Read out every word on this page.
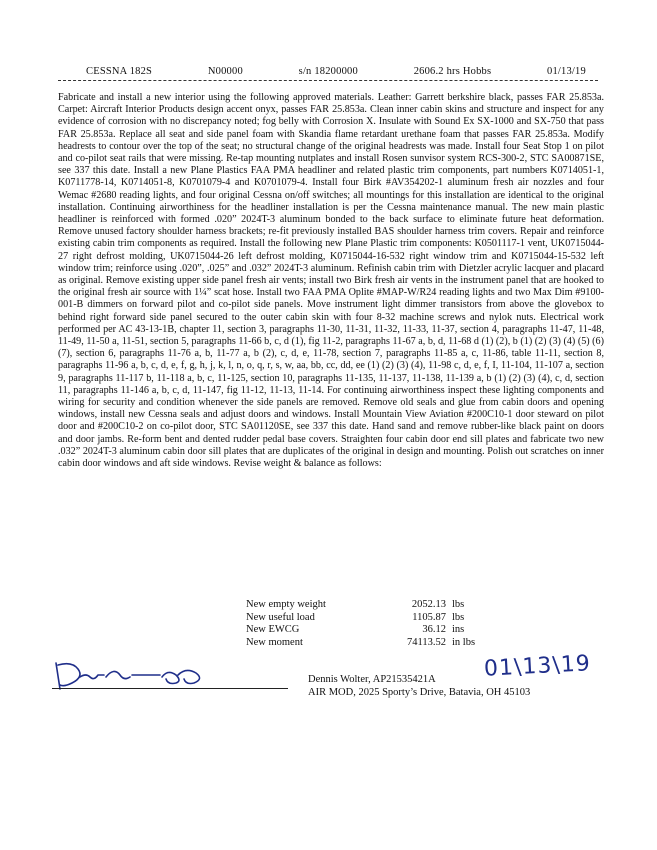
CESSNA 182S	N00000	s/n 18200000	2606.2 hrs Hobbs	01/13/19

Fabricate and install a new interior using the following approved materials. Leather: Garrett berkshire black, passes FAR 25.853a. Carpet: Aircraft Interior Products design accent onyx, passes FAR 25.853a. Clean inner cabin skins and structure and inspect for any evidence of corrosion with no discrepancy noted; fog belly with Corrosion X. Insulate with Sound Ex SX-1000 and SX-750 that pass FAR 25.853a. Replace all seat and side panel foam with Skandia flame retardant urethane foam that passes FAR 25.853a. Modify headrests to contour over the top of the seat; no structural change of the original headrests was made. Install four Seat Stop 1 on pilot and co-pilot seat rails that were missing. Re-tap mounting nutplates and install Rosen sunvisor system RCS-300-2, STC SA00871SE, see 337 this date. Install a new Plane Plastics FAA PMA headliner and related plastic trim components, part numbers K0714051-1, K0711778-14, K0714051-8, K0701079-4 and K0701079-4. Install four Birk #AV354202-1 aluminum fresh air nozzles and four Wemac #2680 reading lights, and four original Cessna on/off switches; all mountings for this installation are identical to the original installation. Continuing airworthiness for the headliner installation is per the Cessna maintenance manual. The new main plastic headliner is reinforced with formed .020” 2024T-3 aluminum bonded to the back surface to eliminate future heat deformation. Remove unused factory shoulder harness brackets; re-fit previously installed BAS shoulder harness trim covers. Repair and reinforce existing cabin trim components as required. Install the following new Plane Plastic trim components: K0501117-1 vent, UK0715044-27 right defrost molding, UK0715044-26 left defrost molding, K0715044-16-532 right window trim and K0715044-15-532 left window trim; reinforce using .020”, .025” and .032” 2024T-3 aluminum. Refinish cabin trim with Dietzler acrylic lacquer and placard as original. Remove existing upper side panel fresh air vents; install two Birk fresh air vents in the instrument panel that are hooked to the original fresh air source with 1¼” scat hose. Install two FAA PMA Oplite #MAP-W/R24 reading lights and two Max Dim #9100-001-B dimmers on forward pilot and co-pilot side panels. Move instrument light dimmer transistors from above the glovebox to behind right forward side panel secured to the outer cabin skin with four 8-32 machine screws and nylok nuts. Electrical work performed per AC 43-13-1B, chapter 11, section 3, paragraphs 11-30, 11-31, 11-32, 11-33, 11-37, section 4, paragraphs 11-47, 11-48, 11-49, 11-50 a, 11-51, section 5, paragraphs 11-66 b, c, d (1), fig 11-2, paragraphs 11-67 a, b, d, 11-68 d (1) (2), b (1) (2) (3) (4) (5) (6) (7), section 6, paragraphs 11-76 a, b, 11-77 a, b (2), c, d, e, 11-78, section 7, paragraphs 11-85 a, c, 11-86, table 11-11, section 8, paragraphs 11-96 a, b, c, d, e, f, g, h, j, k, l, n, o, q, r, s, w, aa, bb, cc, dd, ee (1) (2) (3) (4), 11-98 c, d, e, f, I, 11-104, 11-107 a, section 9, paragraphs 11-117 b, 11-118 a, b, c, 11-125, section 10, paragraphs 11-135, 11-137, 11-138, 11-139 a, b (1) (2) (3) (4), c, d, section 11, paragraphs 11-146 a, b, c, d, 11-147, fig 11-12, 11-13, 11-14. For continuing airworthiness inspect these lighting components and wiring for security and condition whenever the side panels are removed. Remove old seals and glue from cabin doors and opening windows, install new Cessna seals and adjust doors and windows. Install Mountain View Aviation #200C10-1 door steward on pilot door and #200C10-2 on co-pilot door, STC SA01120SE, see 337 this date. Hand sand and remove rubber-like black paint on doors and door jambs. Re-form bent and dented rudder pedal base covers. Straighten four cabin door end sill plates and fabricate two new .032” 2024T-3 aluminum cabin door sill plates that are duplicates of the original in design and mounting. Polish out scratches on inner cabin door windows and aft side windows. Revise weight & balance as follows:

New empty weight	2052.13	lbs
New useful load	1105.87	lbs
New EWCG	36.12	ins
New moment	74113.52	in lbs
Dennis Wolter, AP21535421A
AIR MOD, 2025 Sporty’s Drive, Batavia, OH 45103
01\13\19
